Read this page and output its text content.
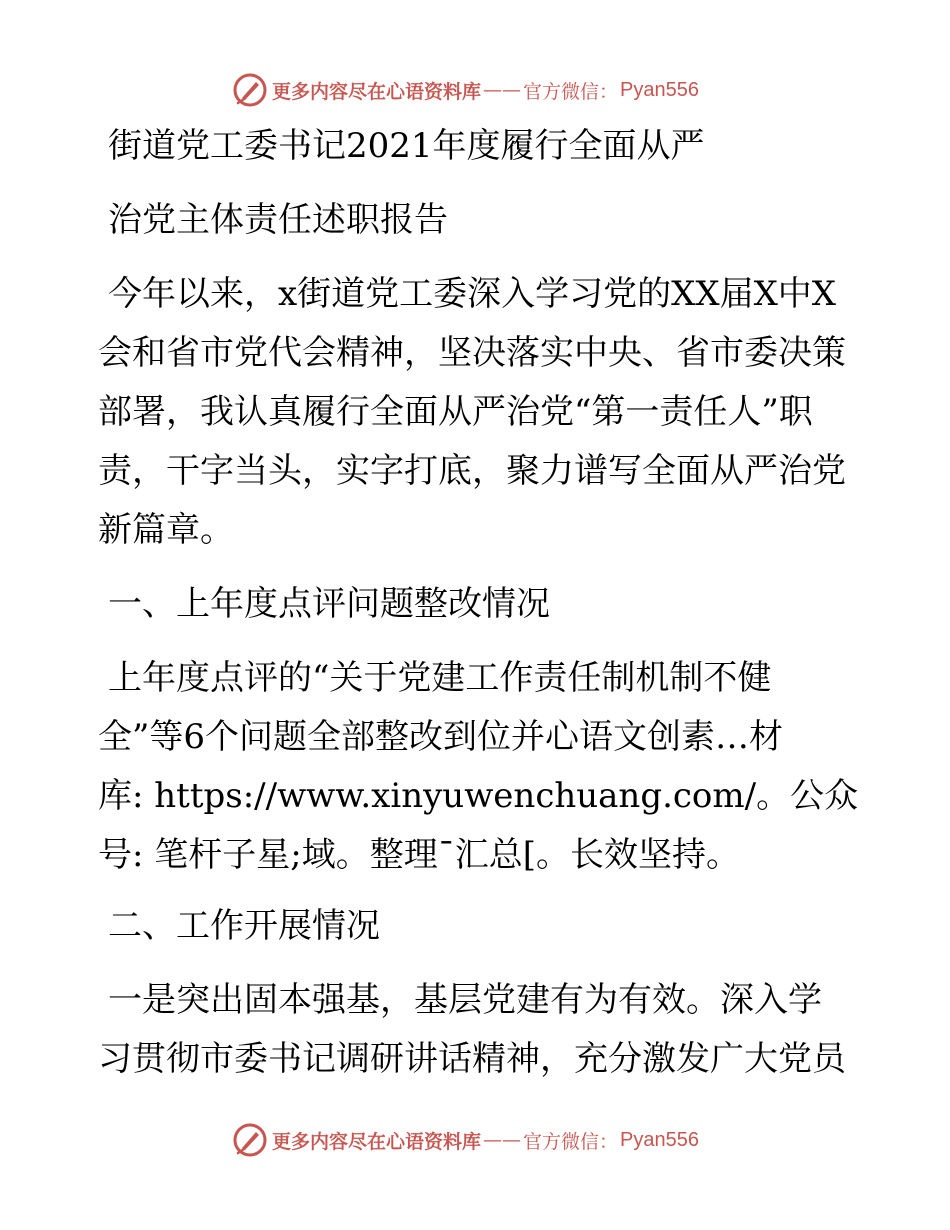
更多内容尽在心语资料库 —— 官方微信： Pyan556
街道党工委书记2021年度履行全面从严
治党主体责任述职报告
今年以来，x街道党工委深入学习党的XX届X中X
会和省市党代会精神，坚决落实中央、省市委决策
部署，我认真履行全面从严治党“第一责任人”职
责，干字当头，实字打底，聚力谱写全面从严治党
新篇章。
一、上年度点评问题整改情况
上年度点评的“关于党建工作责任制机制不健
全”等6个问题全部整改到位并心语文创素…材
库: https://www.xinyuwenchuang.com/。公众
号: 笔杆子星;域。整理¯汇总[。长效坚持。
二、工作开展情况
一是突出固本强基，基层党建有为有效。深入学
习贯彻市委书记调研讲话精神，充分激发广大党员
更多内容尽在心语资料库 —— 官方微信： Pyan556
